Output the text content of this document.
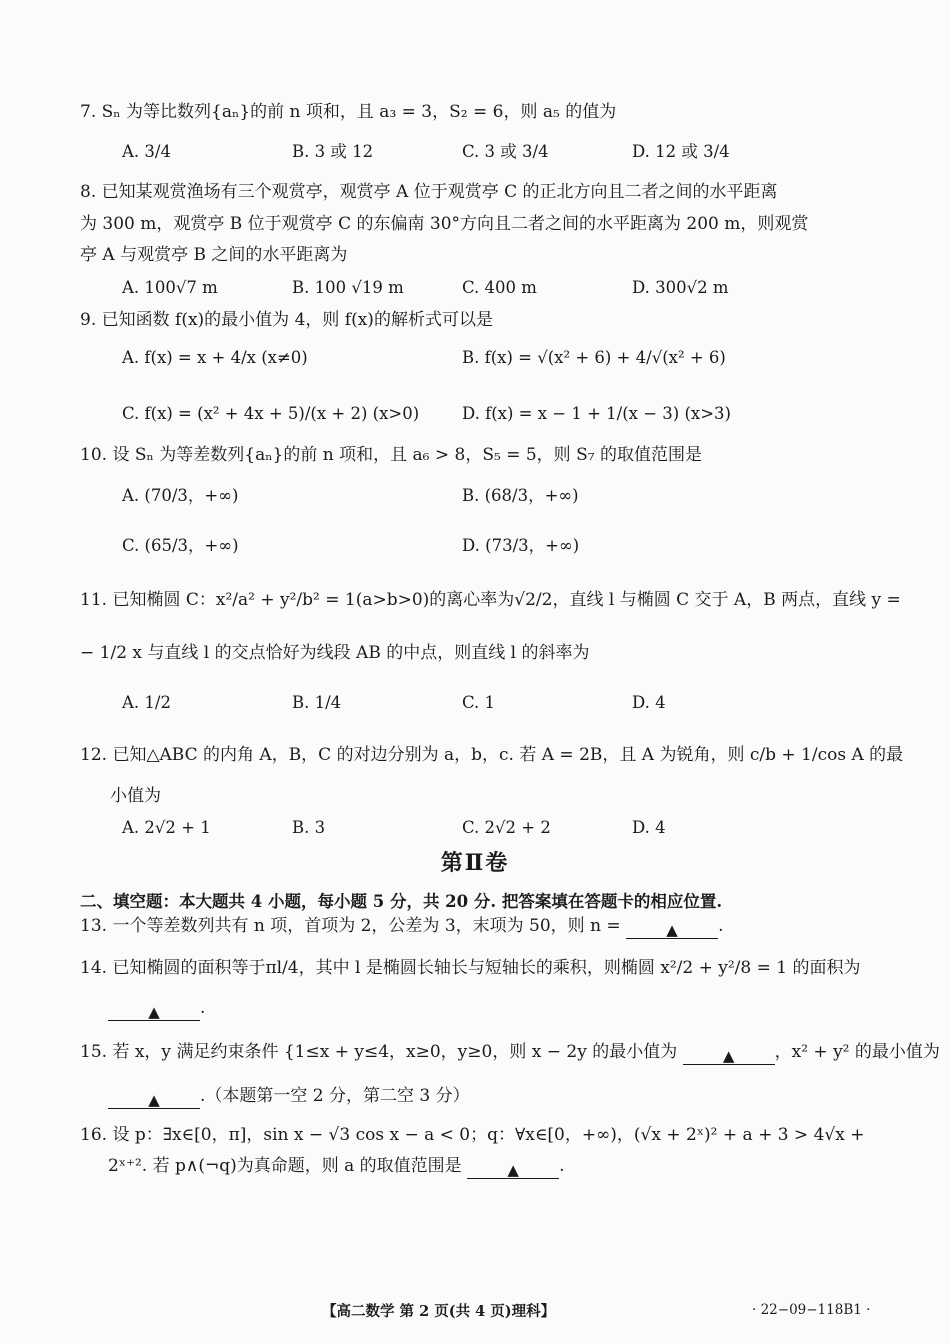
7. Sₙ 为等比数列{aₙ}的前 n 项和，且 a₃ = 3，S₂ = 6，则 a₅ 的值为
A. 3/4	B. 3 或 12	C. 3 或 3/4	D. 12 或 3/4
8. 已知某观赏渔场有三个观赏亭，观赏亭 A 位于观赏亭 C 的正北方向且二者之间的水平距离
为 300 m，观赏亭 B 位于观赏亭 C 的东偏南 30°方向且二者之间的水平距离为 200 m，则观赏
亭 A 与观赏亭 B 之间的水平距离为
A. 100√7 m	B. 100 √19 m	C. 400 m	D. 300√2 m
9. 已知函数 f(x)的最小值为 4，则 f(x)的解析式可以是
A. f(x) = x + 4/x (x≠0)	B. f(x) = √(x² + 6) + 4/√(x² + 6)
C. f(x) = (x² + 4x + 5)/(x + 2) (x>0)	D. f(x) = x − 1 + 1/(x − 3) (x>3)
10. 设 Sₙ 为等差数列{aₙ}的前 n 项和，且 a₆ > 8，S₅ = 5，则 S₇ 的取值范围是
A. (70/3，+∞)	B. (68/3，+∞)
C. (65/3，+∞)	D. (73/3，+∞)
11. 已知椭圆 C：x²/a² + y²/b² = 1(a>b>0)的离心率为√2/2，直线 l 与椭圆 C 交于 A，B 两点，直线 y =
− 1/2 x 与直线 l 的交点恰好为线段 AB 的中点，则直线 l 的斜率为
A. 1/2	B. 1/4	C. 1	D. 4
12. 已知△ABC 的内角 A，B，C 的对边分别为 a，b，c. 若 A = 2B，且 A 为锐角，则 c/b + 1/cos A 的最
小值为
A. 2√2 + 1	B. 3	C. 2√2 + 2	D. 4
第Ⅱ卷
二、填空题：本大题共 4 小题，每小题 5 分，共 20 分. 把答案填在答题卡的相应位置.
13. 一个等差数列共有 n 项，首项为 2，公差为 3，末项为 50，则 n =	▲ .
14. 已知椭圆的面积等于πl/4，其中 l 是椭圆长轴长与短轴长的乘积，则椭圆 x²/2 + y²/8 = 1 的面积为
▲ .
15. 若 x，y 满足约束条件 {1≤x + y≤4，x≥0，y≥0，则 x − 2y 的最小值为	▲ ，x² + y² 的最小值为
▲ .（本题第一空 2 分，第二空 3 分）
16. 设 p：∃x∈[0，π]，sin x − √3 cos x − a < 0；q：∀x∈[0，+∞)，(√x + 2ˣ)² + a + 3 > 4√x +
2ˣ⁺². 若 p∧(¬q)为真命题，则 a 的取值范围是	▲ .
【高二数学 第 2 页(共 4 页)理科】	· 22−09−118B1 ·
